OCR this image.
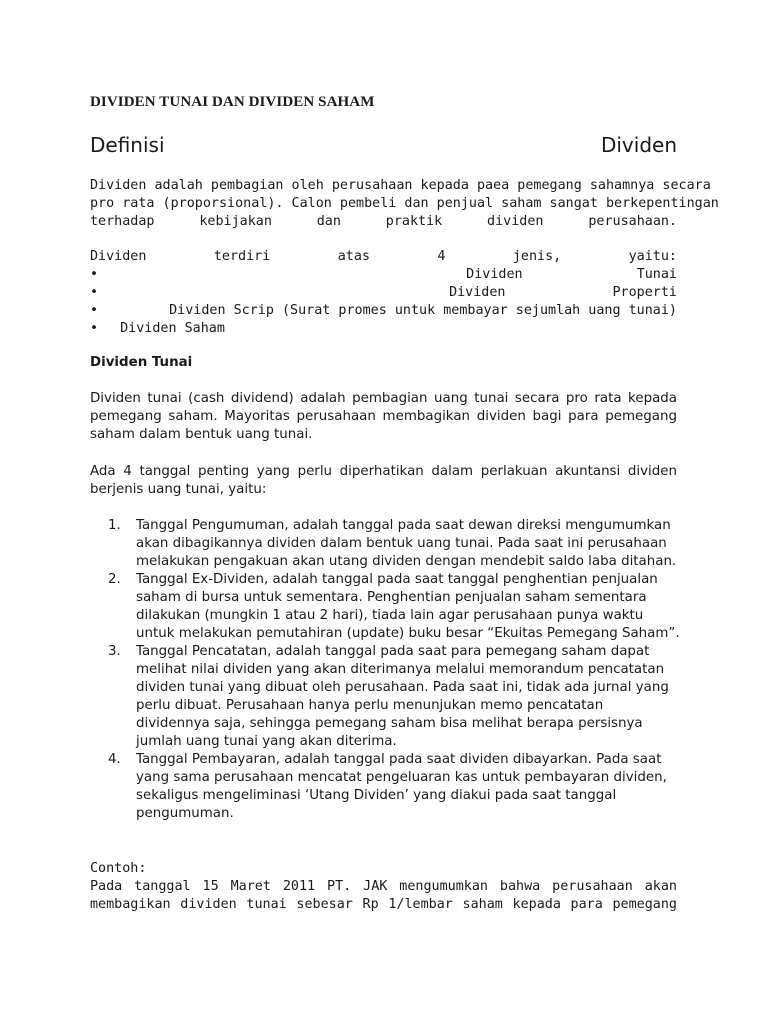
DIVIDEN TUNAI DAN DIVIDEN SAHAM
Definisi	Dividen
Dividen adalah pembagian oleh perusahaan kepada paea pemegang sahamnya secara
pro rata (proporsional). Calon pembeli dan penjual saham sangat berkepentingan
terhadap kebijakan dan praktik dividen perusahaan.
Dividen terdiri atas 4 jenis, yaitu:
•	Dividen	Tunai
•	Dividen	Properti
•	Dividen Scrip (Surat promes untuk membayar sejumlah uang tunai)
• Dividen Saham
Dividen Tunai
Dividen tunai (cash dividend) adalah pembagian uang tunai secara pro rata kepada
pemegang saham. Mayoritas perusahaan membagikan dividen bagi para pemegang
saham dalam bentuk uang tunai.
Ada 4 tanggal penting yang perlu diperhatikan dalam perlakuan akuntansi dividen
berjenis uang tunai, yaitu:
1. Tanggal Pengumuman, adalah tanggal pada saat dewan direksi mengumumkan
akan dibagikannya dividen dalam bentuk uang tunai. Pada saat ini perusahaan
melakukan pengakuan akan utang dividen dengan mendebit saldo laba ditahan.
2. Tanggal Ex-Dividen, adalah tanggal pada saat tanggal penghentian penjualan
saham di bursa untuk sementara. Penghentian penjualan saham sementara
dilakukan (mungkin 1 atau 2 hari), tiada lain agar perusahaan punya waktu
untuk melakukan pemutahiran (update) buku besar “Ekuitas Pemegang Saham”.
3. Tanggal Pencatatan, adalah tanggal pada saat para pemegang saham dapat
melihat nilai dividen yang akan diterimanya melalui memorandum pencatatan
dividen tunai yang dibuat oleh perusahaan. Pada saat ini, tidak ada jurnal yang
perlu dibuat. Perusahaan hanya perlu menunjukan memo pencatatan
dividennya saja, sehingga pemegang saham bisa melihat berapa persisnya
jumlah uang tunai yang akan diterima.
4. Tanggal Pembayaran, adalah tanggal pada saat dividen dibayarkan. Pada saat
yang sama perusahaan mencatat pengeluaran kas untuk pembayaran dividen,
sekaligus mengeliminasi ‘Utang Dividen’ yang diakui pada saat tanggal
pengumuman.
Contoh:
Pada tanggal 15 Maret 2011 PT. JAK mengumumkan bahwa perusahaan akan
membagikan dividen tunai sebesar Rp 1/lembar saham kepada para pemegang
